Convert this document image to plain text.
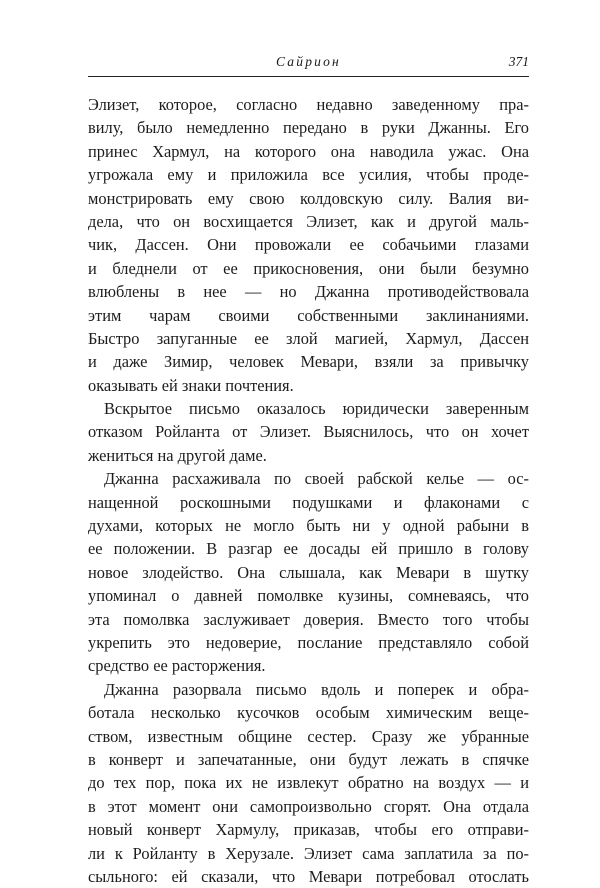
Сайрион	371
Элизет, которое, согласно недавно заведенному пра-
вилу, было немедленно передано в руки Джанны. Его
принес Хармул, на которого она наводила ужас. Она
угрожала ему и приложила все усилия, чтобы проде-
монстрировать ему свою колдовскую силу. Валия ви-
дела, что он восхищается Элизет, как и другой маль-
чик, Дассен. Они провожали ее собачьими глазами
и бледнели от ее прикосновения, они были безумно
влюблены в нее — но Джанна противодействовала
этим чарам своими собственными заклинаниями.
Быстро запуганные ее злой магией, Хармул, Дассен
и даже Зимир, человек Мевари, взяли за привычку
оказывать ей знаки почтения.
Вскрытое письмо оказалось юридически заверенным
отказом Ройланта от Элизет. Выяснилось, что он хочет
жениться на другой даме.
Джанна расхаживала по своей рабской келье — ос-
нащенной роскошными подушками и флаконами с
духами, которых не могло быть ни у одной рабыни в
ее положении. В разгар ее досады ей пришло в голову
новое злодейство. Она слышала, как Мевари в шутку
упоминал о давней помолвке кузины, сомневаясь, что
эта помолвка заслуживает доверия. Вместо того чтобы
укрепить это недоверие, послание представляло собой
средство ее расторжения.
Джанна разорвала письмо вдоль и поперек и обра-
ботала несколько кусочков особым химическим веще-
ством, известным общине сестер. Сразу же убранные
в конверт и запечатанные, они будут лежать в спячке
до тех пор, пока их не извлекут обратно на воздух — и
в этот момент они самопроизвольно сгорят. Она отдала
новый конверт Хармулу, приказав, чтобы его отправи-
ли к Ройланту в Херузале. Элизет сама заплатила за по-
сыльного: ей сказали, что Мевари потребовал отослать
